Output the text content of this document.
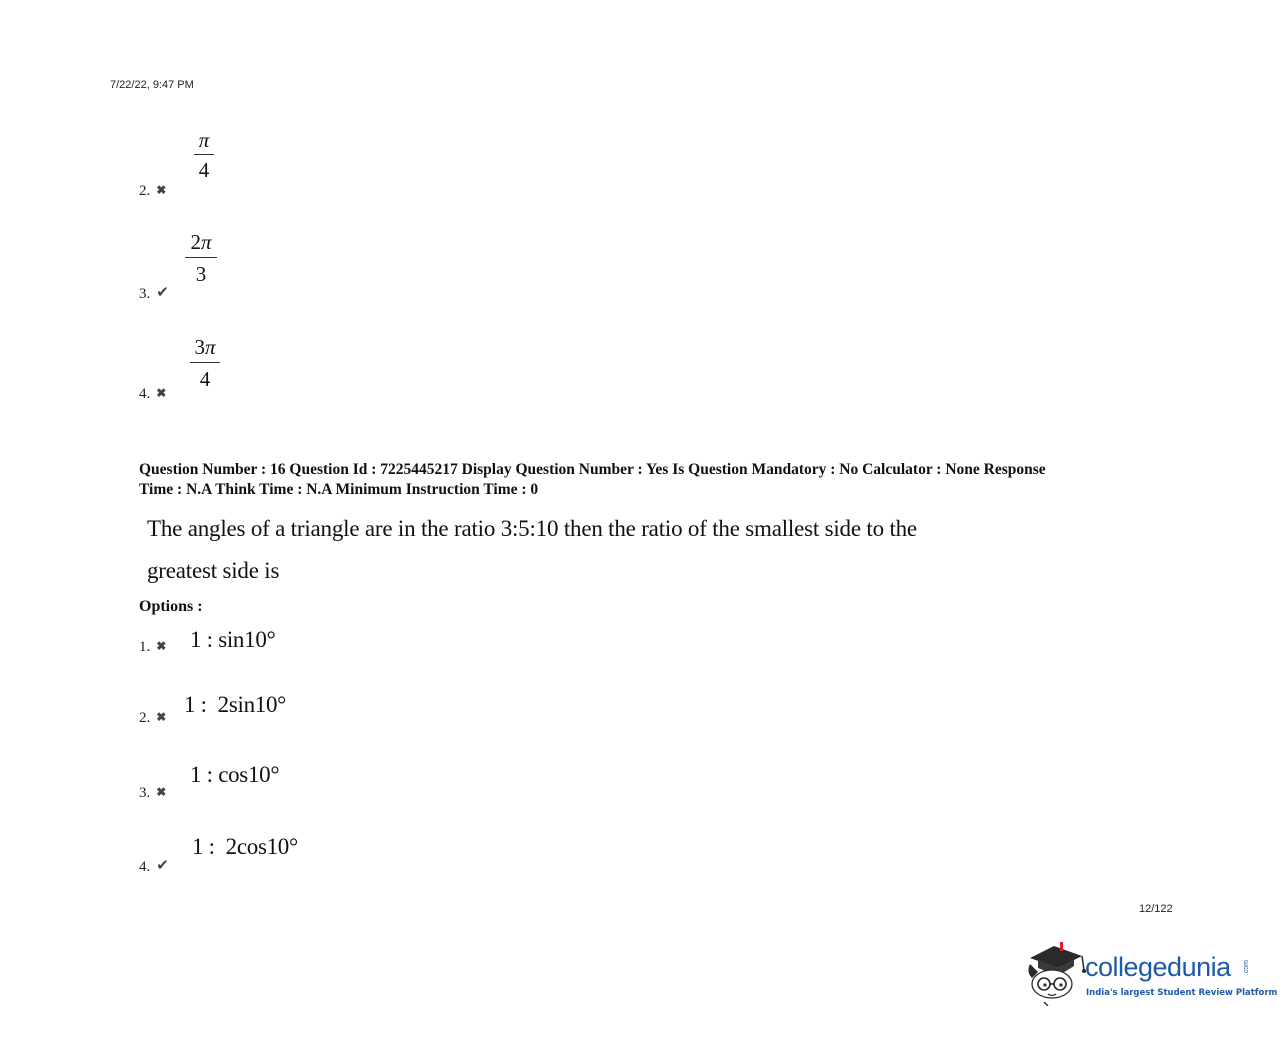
7/22/22, 9:47 PM
π
4
2. ✖
2π
3
3. ✔
3π
4
4. ✖
Question Number : 16 Question Id : 7225445217 Display Question Number : Yes Is Question Mandatory : No Calculator : None Response
Time : N.A Think Time : N.A Minimum Instruction Time : 0
The angles of a triangle are in the ratio 3:5:10 then the ratio of the smallest side to the
greatest side is
Options :
1. ✖ 1 : sin10°
2. ✖ 1 :  2sin10°
3. ✖
1 : cos10°
4. ✔
1 :  2cos10°
12/122
collegedunia .com
India's largest Student Review Platform
